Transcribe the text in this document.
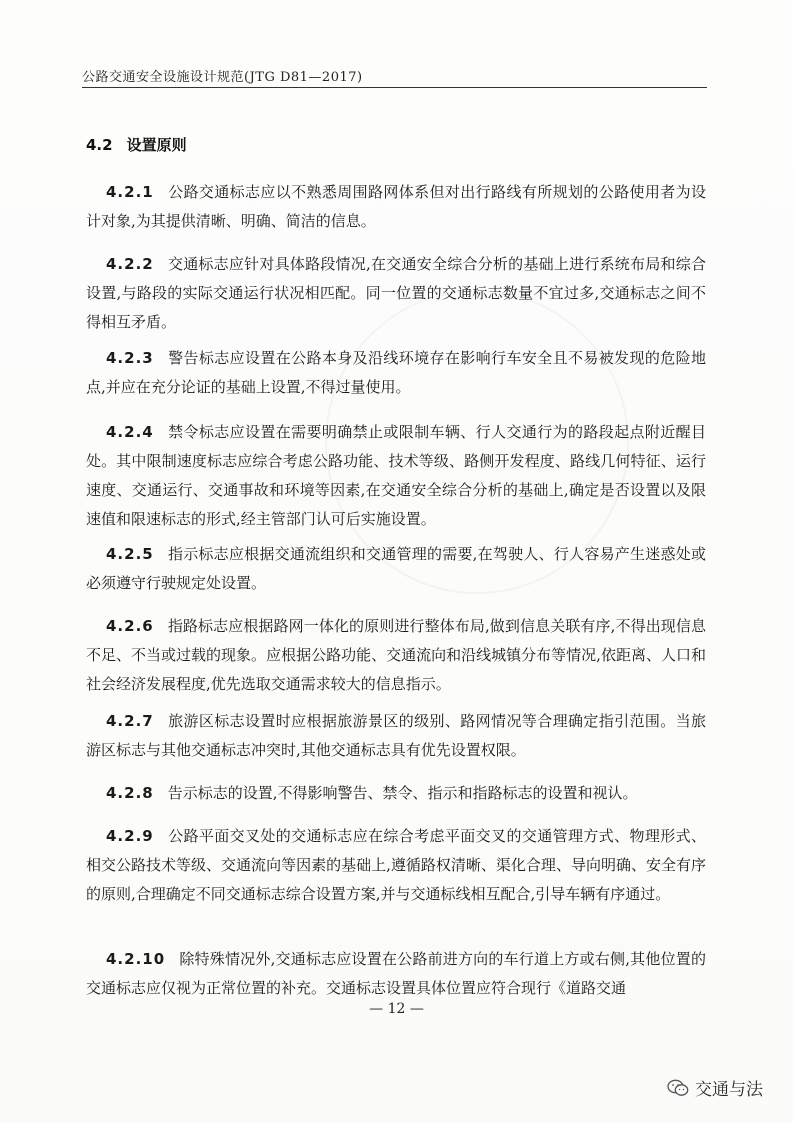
公路交通安全设施设计规范(JTG D81—2017)
4.2 设置原则
4.2.1 公路交通标志应以不熟悉周围路网体系但对出行路线有所规划的公路使用者为设计对象,为其提供清晰、明确、简洁的信息。
4.2.2 交通标志应针对具体路段情况,在交通安全综合分析的基础上进行系统布局和综合设置,与路段的实际交通运行状况相匹配。同一位置的交通标志数量不宜过多,交通标志之间不得相互矛盾。
4.2.3 警告标志应设置在公路本身及沿线环境存在影响行车安全且不易被发现的危险地点,并应在充分论证的基础上设置,不得过量使用。
4.2.4 禁令标志应设置在需要明确禁止或限制车辆、行人交通行为的路段起点附近醒目处。其中限制速度标志应综合考虑公路功能、技术等级、路侧开发程度、路线几何特征、运行速度、交通运行、交通事故和环境等因素,在交通安全综合分析的基础上,确定是否设置以及限速值和限速标志的形式,经主管部门认可后实施设置。
4.2.5 指示标志应根据交通流组织和交通管理的需要,在驾驶人、行人容易产生迷惑处或必须遵守行驶规定处设置。
4.2.6 指路标志应根据路网一体化的原则进行整体布局,做到信息关联有序,不得出现信息不足、不当或过载的现象。应根据公路功能、交通流向和沿线城镇分布等情况,依距离、人口和社会经济发展程度,优先选取交通需求较大的信息指示。
4.2.7 旅游区标志设置时应根据旅游景区的级别、路网情况等合理确定指引范围。当旅游区标志与其他交通标志冲突时,其他交通标志具有优先设置权限。
4.2.8 告示标志的设置,不得影响警告、禁令、指示和指路标志的设置和视认。
4.2.9 公路平面交叉处的交通标志应在综合考虑平面交叉的交通管理方式、物理形式、相交公路技术等级、交通流向等因素的基础上,遵循路权清晰、渠化合理、导向明确、安全有序的原则,合理确定不同交通标志综合设置方案,并与交通标线相互配合,引导车辆有序通过。
4.2.10 除特殊情况外,交通标志应设置在公路前进方向的车行道上方或右侧,其他位置的交通标志应仅视为正常位置的补充。交通标志设置具体位置应符合现行《道路交通
— 12 —
交通与法
